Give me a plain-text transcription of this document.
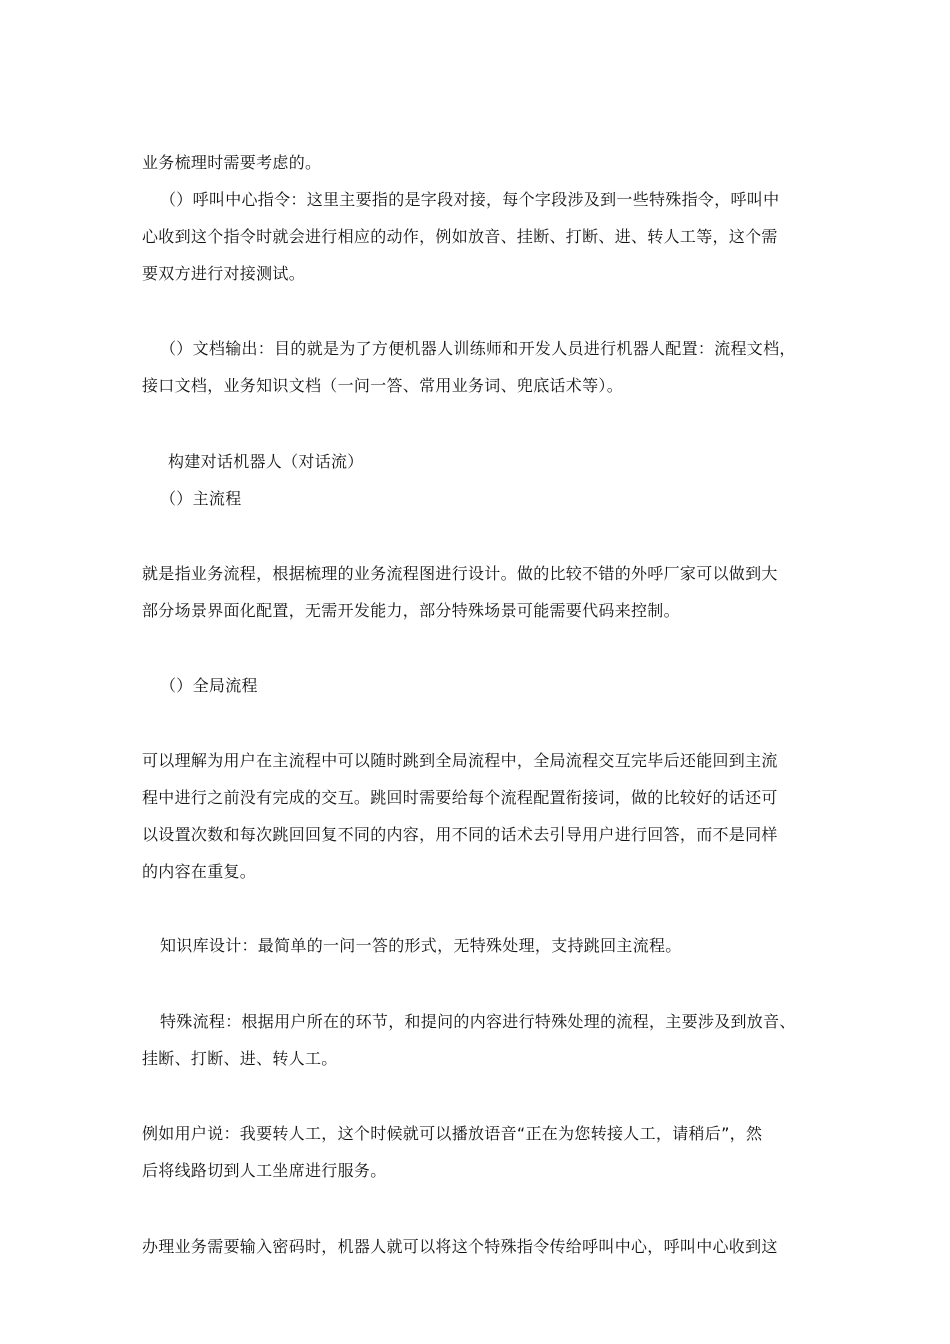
业务梳理时需要考虑的。

（）呼叫中心指令：这里主要指的是字段对接，每个字段涉及到一些特殊指令，呼叫中

心收到这个指令时就会进行相应的动作，例如放音、挂断、打断、进、转人工等，这个需

要双方进行对接测试。

（）文档输出：目的就是为了方便机器人训练师和开发人员进行机器人配置：流程文档，

接口文档，业务知识文档（一问一答、常用业务词、兜底话术等）。

构建对话机器人（对话流）

（）主流程

就是指业务流程，根据梳理的业务流程图进行设计。做的比较不错的外呼厂家可以做到大

部分场景界面化配置，无需开发能力，部分特殊场景可能需要代码来控制。

（）全局流程

可以理解为用户在主流程中可以随时跳到全局流程中，全局流程交互完毕后还能回到主流

程中进行之前没有完成的交互。跳回时需要给每个流程配置衔接词，做的比较好的话还可

以设置次数和每次跳回回复不同的内容，用不同的话术去引导用户进行回答，而不是同样

的内容在重复。

知识库设计：最简单的一问一答的形式，无特殊处理，支持跳回主流程。

特殊流程：根据用户所在的环节，和提问的内容进行特殊处理的流程，主要涉及到放音、

挂断、打断、进、转人工。

例如用户说：我要转人工，这个时候就可以播放语音“正在为您转接人工，请稍后”，然

后将线路切到人工坐席进行服务。

办理业务需要输入密码时，机器人就可以将这个特殊指令传给呼叫中心，呼叫中心收到这
